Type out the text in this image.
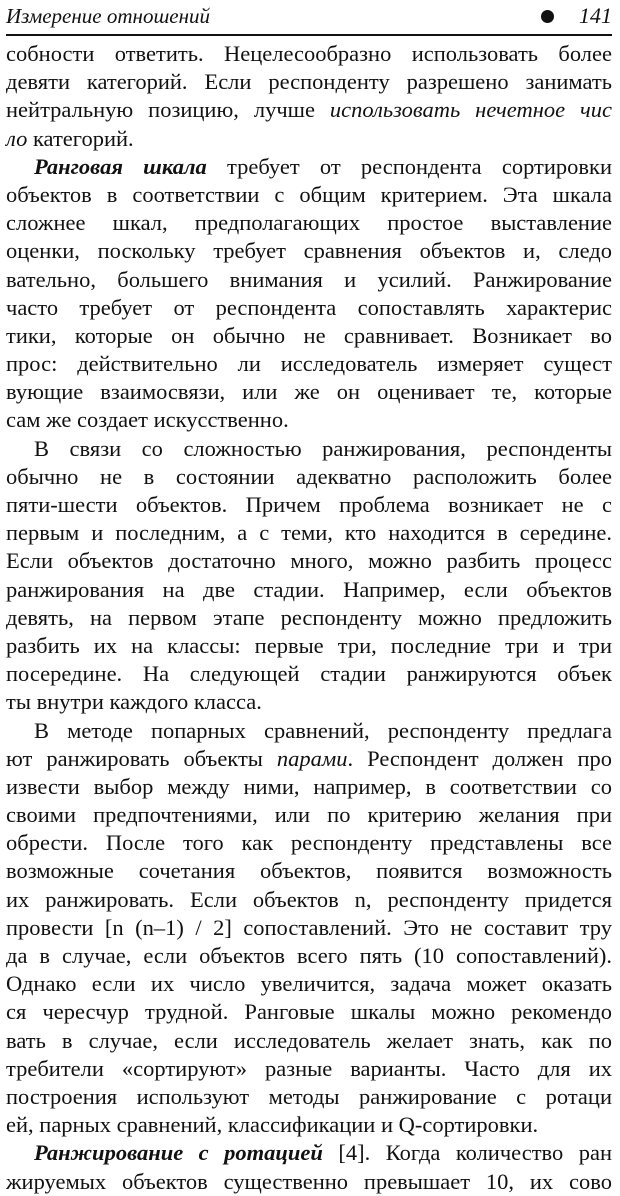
Измерение отношений	141
собности ответить. Нецелесообразно использовать более
девяти категорий. Если респонденту разрешено занимать
нейтральную позицию, лучше использовать нечетное чис
ло категорий.
Ранговая шкала требует от респондента сортировки
объектов в соответствии с общим критерием. Эта шкала
сложнее шкал, предполагающих простое выставление
оценки, поскольку требует сравнения объектов и, следо
вательно, большего внимания и усилий. Ранжирование
часто требует от респондента сопоставлять характерис
тики, которые он обычно не сравнивает. Возникает во
прос: действительно ли исследователь измеряет сущест
вующие взаимосвязи, или же он оценивает те, которые
сам же создает искусственно.
В связи со сложностью ранжирования, респонденты
обычно не в состоянии адекватно расположить более
пяти-шести объектов. Причем проблема возникает не с
первым и последним, а с теми, кто находится в середине.
Если объектов достаточно много, можно разбить процесс
ранжирования на две стадии. Например, если объектов
девять, на первом этапе респонденту можно предложить
разбить их на классы: первые три, последние три и три
посередине. На следующей стадии ранжируются объек
ты внутри каждого класса.
В методе попарных сравнений, респонденту предлага
ют ранжировать объекты парами. Респондент должен про
извести выбор между ними, например, в соответствии со
своими предпочтениями, или по критерию желания при
обрести. После того как респонденту представлены все
возможные сочетания объектов, появится возможность
их ранжировать. Если объектов n, респонденту придется
провести [n (n–1) / 2] сопоставлений. Это не составит тру
да в случае, если объектов всего пять (10 сопоставлений).
Однако если их число увеличится, задача может оказать
ся чересчур трудной. Ранговые шкалы можно рекомендо
вать в случае, если исследователь желает знать, как по
требители «сортируют» разные варианты. Часто для их
построения используют методы ранжирование с ротаци
ей, парных сравнений, классификации и Q-сортировки.
Ранжирование с ротацией [4]. Когда количество ран
жируемых объектов существенно превышает 10, их сово
